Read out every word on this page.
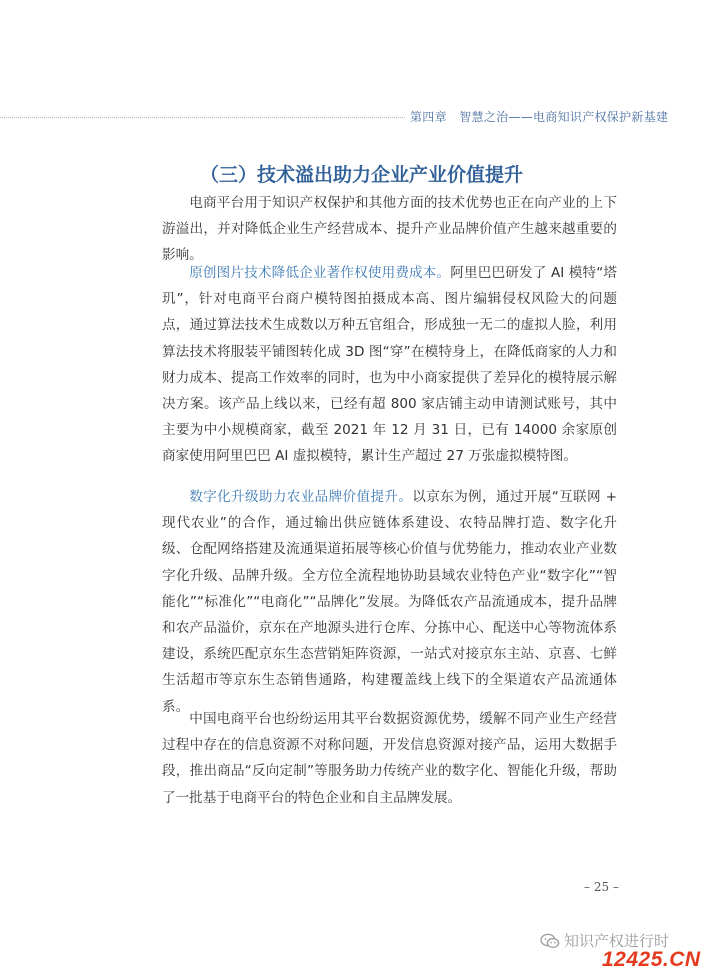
第四章　智慧之治——电商知识产权保护新基建
（三）技术溢出助力企业产业价值提升

电商平台用于知识产权保护和其他方面的技术优势也正在向产业的上下游溢出，并对降低企业生产经营成本、提升产业品牌价值产生越来越重要的影响。

原创图片技术降低企业著作权使用费成本。阿里巴巴研发了 AI 模特“塔玑”，针对电商平台商户模特图拍摄成本高、图片编辑侵权风险大的问题点，通过算法技术生成数以万种五官组合，形成独一无二的虚拟人脸，利用算法技术将服装平铺图转化成 3D 图“穿”在模特身上，在降低商家的人力和财力成本、提高工作效率的同时，也为中小商家提供了差异化的模特展示解决方案。该产品上线以来，已经有超 800 家店铺主动申请测试账号，其中主要为中小规模商家，截至 2021 年 12 月 31 日，已有 14000 余家原创商家使用阿里巴巴 AI 虚拟模特，累计生产超过 27 万张虚拟模特图。

数字化升级助力农业品牌价值提升。以京东为例，通过开展“互联网 + 现代农业”的合作，通过输出供应链体系建设、农特品牌打造、数字化升级、仓配网络搭建及流通渠道拓展等核心价值与优势能力，推动农业产业数字化升级、品牌升级。全方位全流程地协助县域农业特色产业“数字化”“智能化”“标准化”“电商化”“品牌化”发展。为降低农产品流通成本，提升品牌和农产品溢价，京东在产地源头进行仓库、分拣中心、配送中心等物流体系建设，系统匹配京东生态营销矩阵资源，一站式对接京东主站、京喜、七鲜生活超市等京东生态销售通路，构建覆盖线上线下的全渠道农产品流通体系。

中国电商平台也纷纷运用其平台数据资源优势，缓解不同产业生产经营过程中存在的信息资源不对称问题，开发信息资源对接产品，运用大数据手段，推出商品“反向定制”等服务助力传统产业的数字化、智能化升级，帮助了一批基于电商平台的特色企业和自主品牌发展。

– 25 –
知识产权进行时
12425.CN
